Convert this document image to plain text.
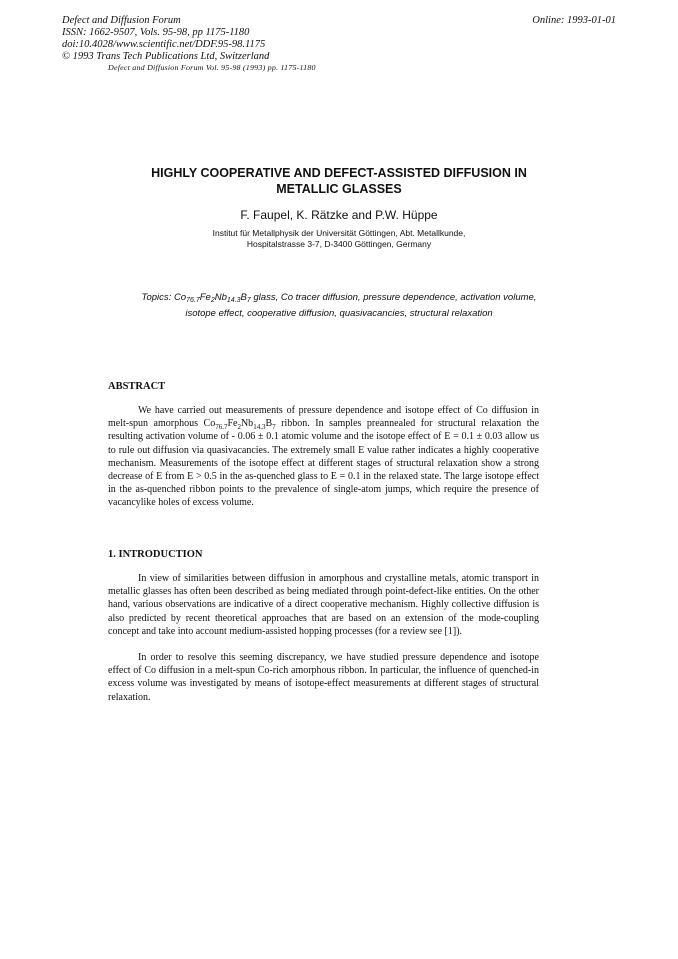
Defect and Diffusion Forum
ISSN: 1662-9507, Vols. 95-98, pp 1175-1180
doi:10.4028/www.scientific.net/DDF.95-98.1175
© 1993 Trans Tech Publications Ltd, Switzerland
Online: 1993-01-01
Defect and Diffusion Forum Vol. 95-98 (1993) pp. 1175-1180
HIGHLY COOPERATIVE AND DEFECT-ASSISTED DIFFUSION IN
METALLIC GLASSES
F. Faupel, K. Rätzke and P.W. Hüppe
Institut für Metallphysik der Universität Göttingen, Abt. Metallkunde,
Hospitalstrasse 3-7, D-3400 Göttingen, Germany
Topics: $Co_{76.7}Fe_2Nb_{14.3}B_7$ glass, Co tracer diffusion, pressure dependence, activation volume,
isotope effect, cooperative diffusion, quasivacancies, structural relaxation
ABSTRACT

We have carried out measurements of pressure dependence and isotope effect of Co diffusion in melt-spun amorphous $Co_{76.7}Fe_2Nb_{14.3}B_7$ ribbon. In samples preannealed for structural relaxation the resulting activation volume of - 0.06 ± 0.1 atomic volume and the isotope effect of E = 0.1 ± 0.03 allow us to rule out diffusion via quasivacancies. The extremely small E value rather indicates a highly cooperative mechanism. Measurements of the isotope effect at different stages of structural relaxation show a strong decrease of E from E > 0.5 in the as-quenched glass to E = 0.1 in the relaxed state. The large isotope effect in the as-quenched ribbon points to the prevalence of single-atom jumps, which require the presence of vacancylike holes of excess volume.

1. INTRODUCTION

In view of similarities between diffusion in amorphous and crystalline metals, atomic transport in metallic glasses has often been described as being mediated through point-defect-like entities. On the other hand, various observations are indicative of a direct cooperative mechanism. Highly collective diffusion is also predicted by recent theoretical approaches that are based on an extension of the mode-coupling concept and take into account medium-assisted hopping processes (for a review see [1]).

In order to resolve this seeming discrepancy, we have studied pressure dependence and isotope effect of Co diffusion in a melt-spun Co-rich amorphous ribbon. In particular, the influence of quenched-in excess volume was investigated by means of isotope-effect measurements at different stages of structural relaxation.
